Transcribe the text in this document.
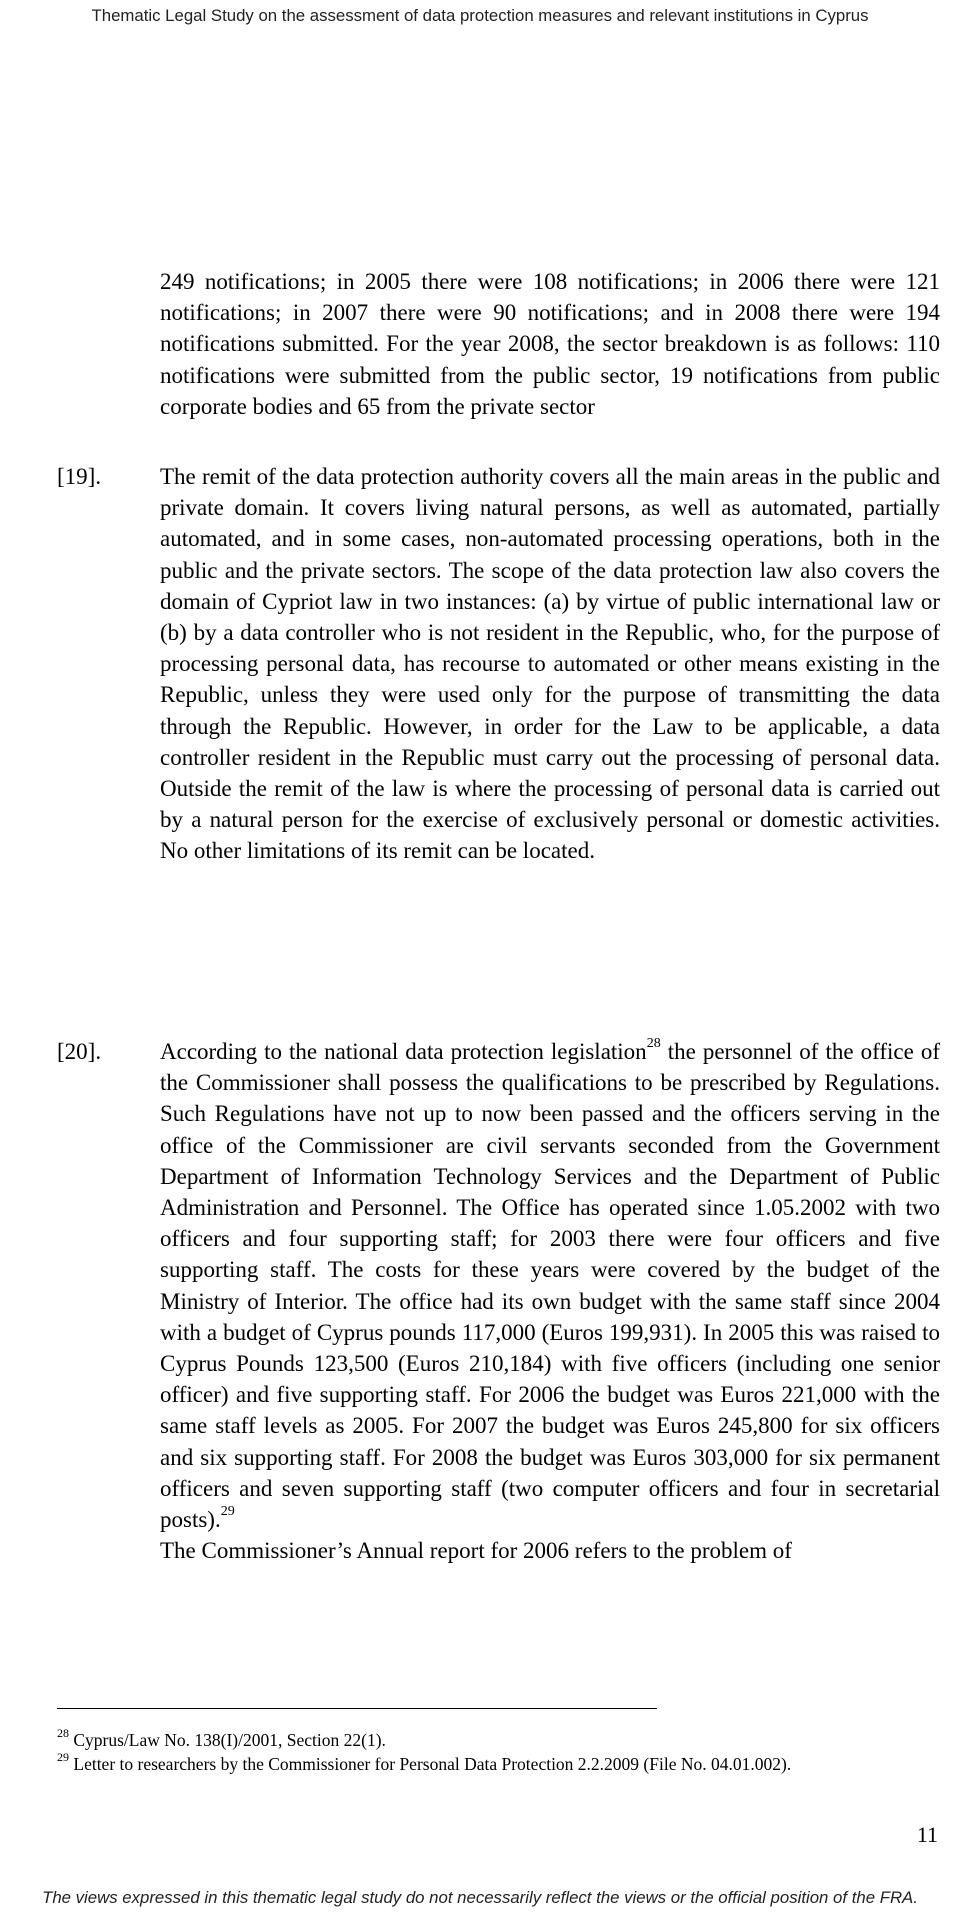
Thematic Legal Study on the assessment of data protection measures and relevant institutions in Cyprus
249 notifications; in 2005 there were 108 notifications; in 2006 there were 121 notifications; in 2007 there were 90 notifications; and in 2008 there were 194 notifications submitted. For the year 2008, the sector breakdown is as follows: 110 notifications were submitted from the public sector, 19 notifications from public corporate bodies and 65 from the private sector
[19].	The remit of the data protection authority covers all the main areas in the public and private domain. It covers living natural persons, as well as automated, partially automated, and in some cases, non-automated processing operations, both in the public and the private sectors. The scope of the data protection law also covers the domain of Cypriot law in two instances: (a) by virtue of public international law or (b) by a data controller who is not resident in the Republic, who, for the purpose of processing personal data, has recourse to automated or other means existing in the Republic, unless they were used only for the purpose of transmitting the data through the Republic. However, in order for the Law to be applicable, a data controller resident in the Republic must carry out the processing of personal data. Outside the remit of the law is where the processing of personal data is carried out by a natural person for the exercise of exclusively personal or domestic activities. No other limitations of its remit can be located.
[20].	According to the national data protection legislation$^{28}$ the personnel of the office of the Commissioner shall possess the qualifications to be prescribed by Regulations. Such Regulations have not up to now been passed and the officers serving in the office of the Commissioner are civil servants seconded from the Government Department of Information Technology Services and the Department of Public Administration and Personnel. The Office has operated since 1.05.2002 with two officers and four supporting staff; for 2003 there were four officers and five supporting staff. The costs for these years were covered by the budget of the Ministry of Interior. The office had its own budget with the same staff since 2004 with a budget of Cyprus pounds 117,000 (Euros 199,931). In 2005 this was raised to Cyprus Pounds 123,500 (Euros 210,184) with five officers (including one senior officer) and five supporting staff. For 2006 the budget was Euros 221,000 with the same staff levels as 2005. For 2007 the budget was Euros 245,800 for six officers and six supporting staff. For 2008 the budget was Euros 303,000 for six permanent officers and seven supporting staff (two computer officers and four in secretarial posts).$^{29}$
The Commissioner’s Annual report for 2006 refers to the problem of
$^{28}$ Cyprus/Law No. 138(I)/2001, Section 22(1).
$^{29}$ Letter to researchers by the Commissioner for Personal Data Protection 2.2.2009 (File No. 04.01.002).
11
The views expressed in this thematic legal study do not necessarily reflect the views or the official position of the FRA.
